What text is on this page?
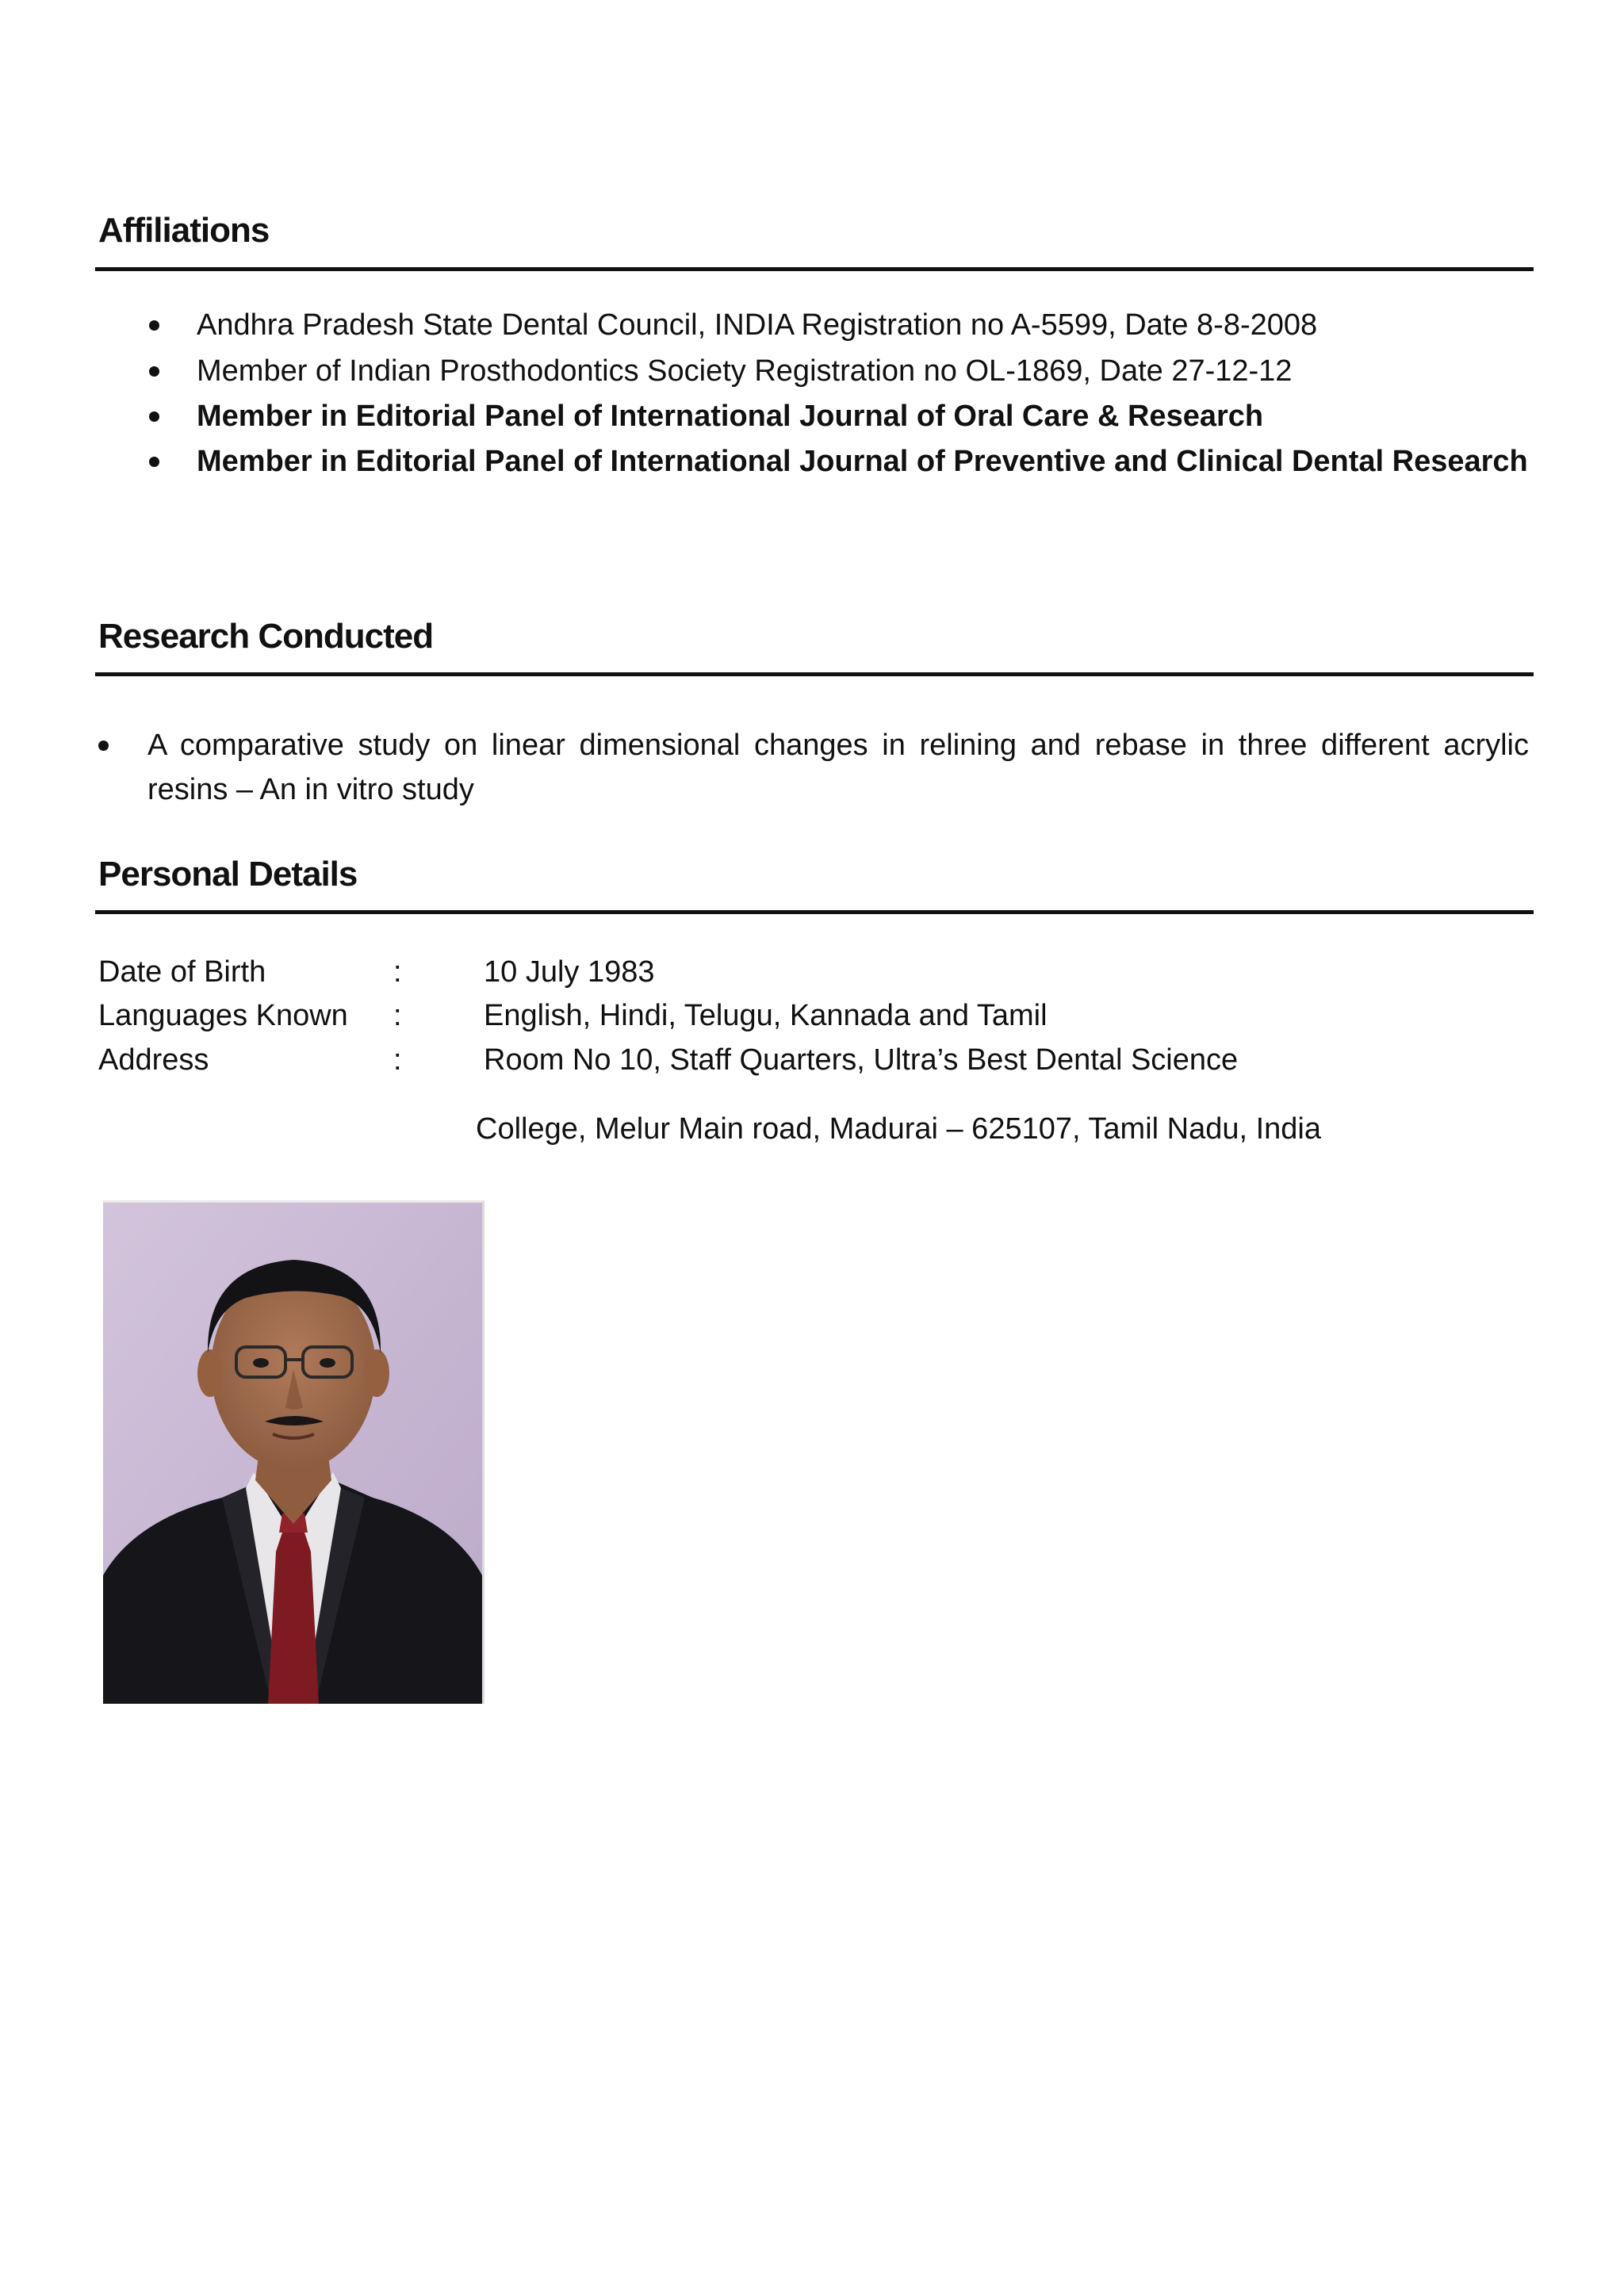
Affiliations
Andhra Pradesh State Dental Council, INDIA Registration no A-5599, Date 8-8-2008
Member of Indian Prosthodontics Society Registration no OL-1869, Date 27-12-12
Member in Editorial Panel of International Journal of Oral Care & Research
Member in Editorial Panel of International Journal of Preventive and Clinical Dental Research
Research Conducted
A comparative study on linear dimensional changes in relining and rebase in three different acrylic resins – An in vitro study
Personal Details
Date of Birth	:	10 July 1983
Languages Known :	English, Hindi, Telugu, Kannada and Tamil
Address	:	Room No 10, Staff Quarters, Ultra’s Best Dental Science
College, Melur Main road, Madurai – 625107, Tamil Nadu, India
